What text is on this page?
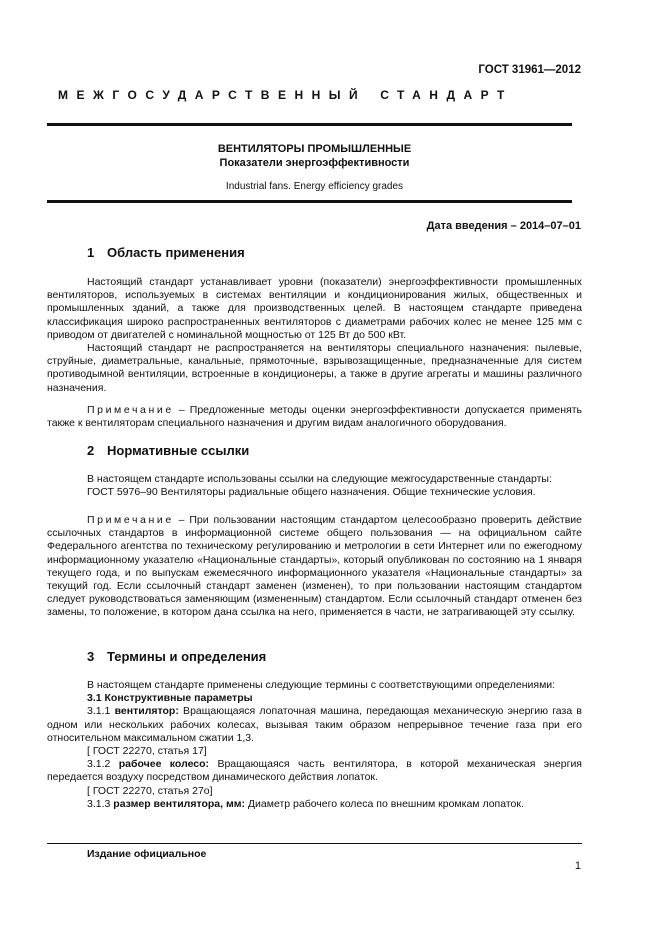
ГОСТ 31961—2012
МЕЖГОСУДАРСТВЕННЫЙ СТАНДАРТ
ВЕНТИЛЯТОРЫ ПРОМЫШЛЕННЫЕ
Показатели энергоэффективности
Industrial fans. Energy efficiency grades
Дата введения – 2014–07–01
1 Область применения

Настоящий стандарт устанавливает уровни (показатели) энергоэффективности промышленных вентиляторов, используемых в системах вентиляции и кондиционирования жилых, общественных и промышленных зданий, а также для производственных целей. В настоящем стандарте приведена классификация широко распространенных вентиляторов с диаметрами рабочих колес не менее 125 мм с приводом от двигателей с номинальной мощностью от 125 Вт до 500 кВт.

Настоящий стандарт не распространяется на вентиляторы специального назначения: пылевые, струйные, диаметральные, канальные, прямоточные, взрывозащищенные, предназначенные для систем противодымной вентиляции, встроенные в кондиционеры, а также в другие агрегаты и машины различного назначения.

Примечание – Предложенные методы оценки энергоэффективности допускается применять также к вентиляторам специального назначения и другим видам аналогичного оборудования.

2 Нормативные ссылки

В настоящем стандарте использованы ссылки на следующие межгосударственные стандарты:

ГОСТ 5976–90 Вентиляторы радиальные общего назначения. Общие технические условия.

Примечание – При пользовании настоящим стандартом целесообразно проверить действие ссылочных стандартов в информационной системе общего пользования — на официальном сайте Федерального агентства по техническому регулированию и метрологии в сети Интернет или по ежегодному информационному указателю «Национальные стандарты», который опубликован по состоянию на 1 января текущего года, и по выпускам ежемесячного информационного указателя «Национальные стандарты» за текущий год. Если ссылочный стандарт заменен (изменен), то при пользовании настоящим стандартом следует руководствоваться заменяющим (измененным) стандартом. Если ссылочный стандарт отменен без замены, то положение, в котором дана ссылка на него, применяется в части, не затрагивающей эту ссылку.

3 Термины и определения

В настоящем стандарте применены следующие термины с соответствующими определениями:

3.1 Конструктивные параметры

3.1.1 вентилятор: Вращающаяся лопаточная машина, передающая механическую энергию газа в одном или нескольких рабочих колесах, вызывая таким образом непрерывное течение газа при его относительном максимальном сжатии 1,3.

[ ГОСТ 22270, статья 17]

3.1.2 рабочее колесо: Вращающаяся часть вентилятора, в которой механическая энергия передается воздуху посредством динамического действия лопаток.

[ ГОСТ 22270, статья 27о]

3.1.3 размер вентилятора, мм: Диаметр рабочего колеса по внешним кромкам лопаток.

Издание официальное
1
